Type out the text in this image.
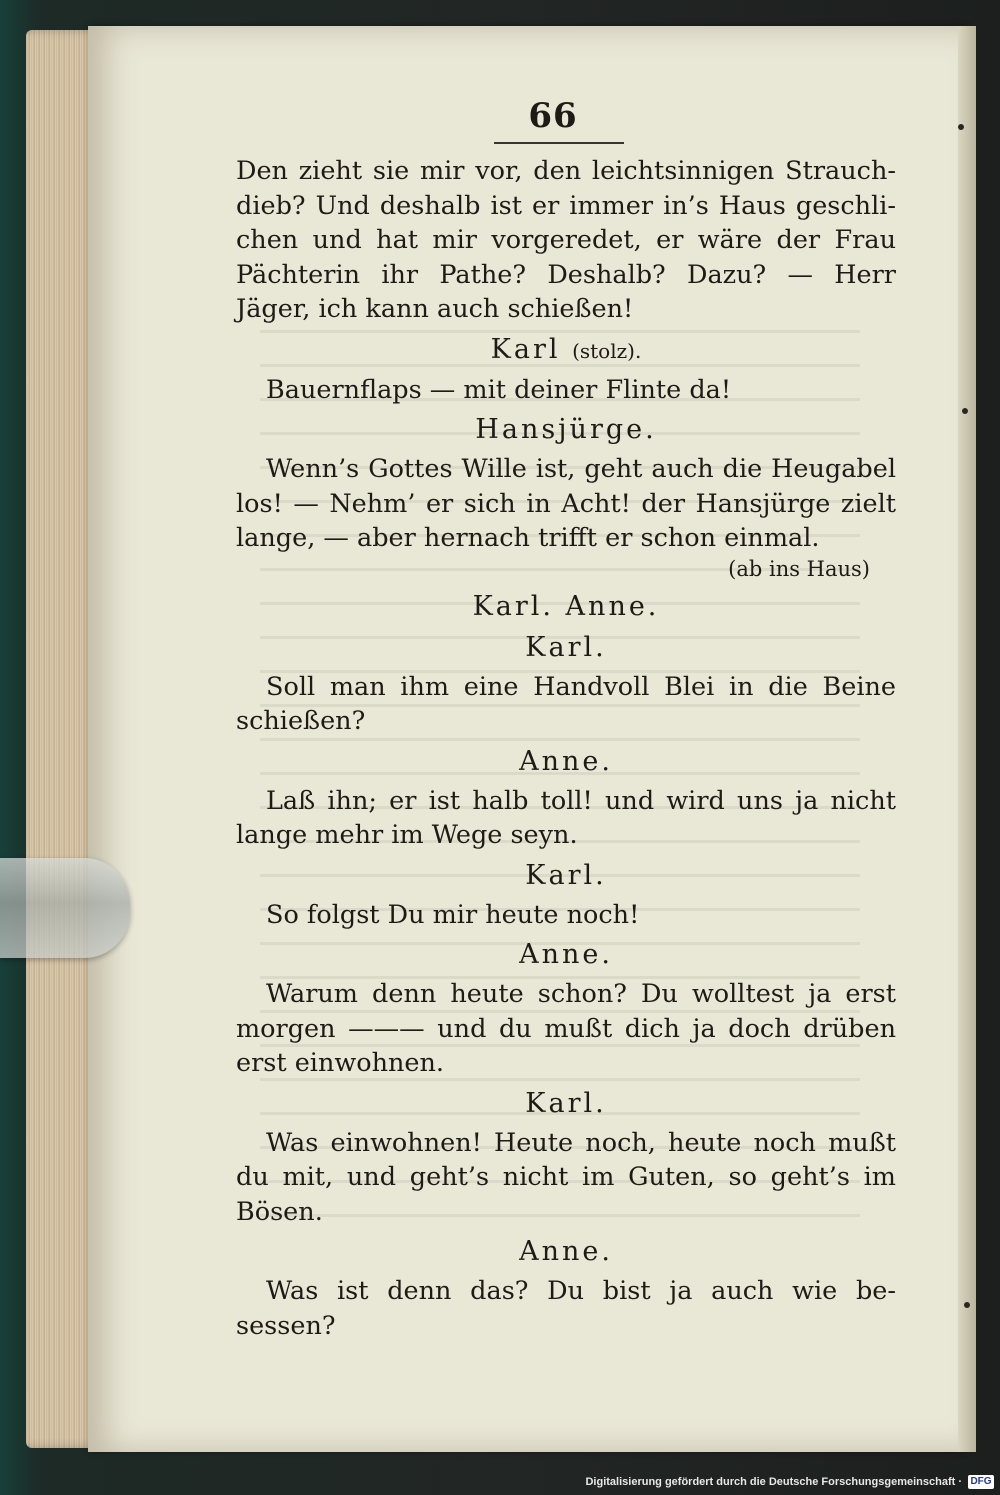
66

Den zieht sie mir vor, den leichtsinnigen Strauch-dieb? Und deshalb ist er immer in’s Haus geschli-chen und hat mir vorgeredet, er wäre der Frau Pächterin ihr Pathe? Deshalb? Dazu? — Herr Jäger, ich kann auch schießen!

Karl (stolz).

Bauernflaps — mit deiner Flinte da!

Hansjürge.

Wenn’s Gottes Wille ist, geht auch die Heugabel los! — Nehm’ er sich in Acht! der Hansjürge zielt lange, — aber hernach trifft er schon einmal.

(ab ins Haus)
Karl. Anne.
Karl.

Soll man ihm eine Handvoll Blei in die Beine schießen?

Anne.

Laß ihn; er ist halb toll! und wird uns ja nicht lange mehr im Wege seyn.

Karl.

So folgst Du mir heute noch!

Anne.

Warum denn heute schon? Du wolltest ja erst morgen ——— und du mußt dich ja doch drüben erst einwohnen.

Karl.

Was einwohnen! Heute noch, heute noch mußt du mit, und geht’s nicht im Guten, so geht’s im Bösen.

Anne.

Was ist denn das? Du bist ja auch wie be-sessen?

Digitalisierung gefördert durch die Deutsche Forschungsgemeinschaft · DFG
